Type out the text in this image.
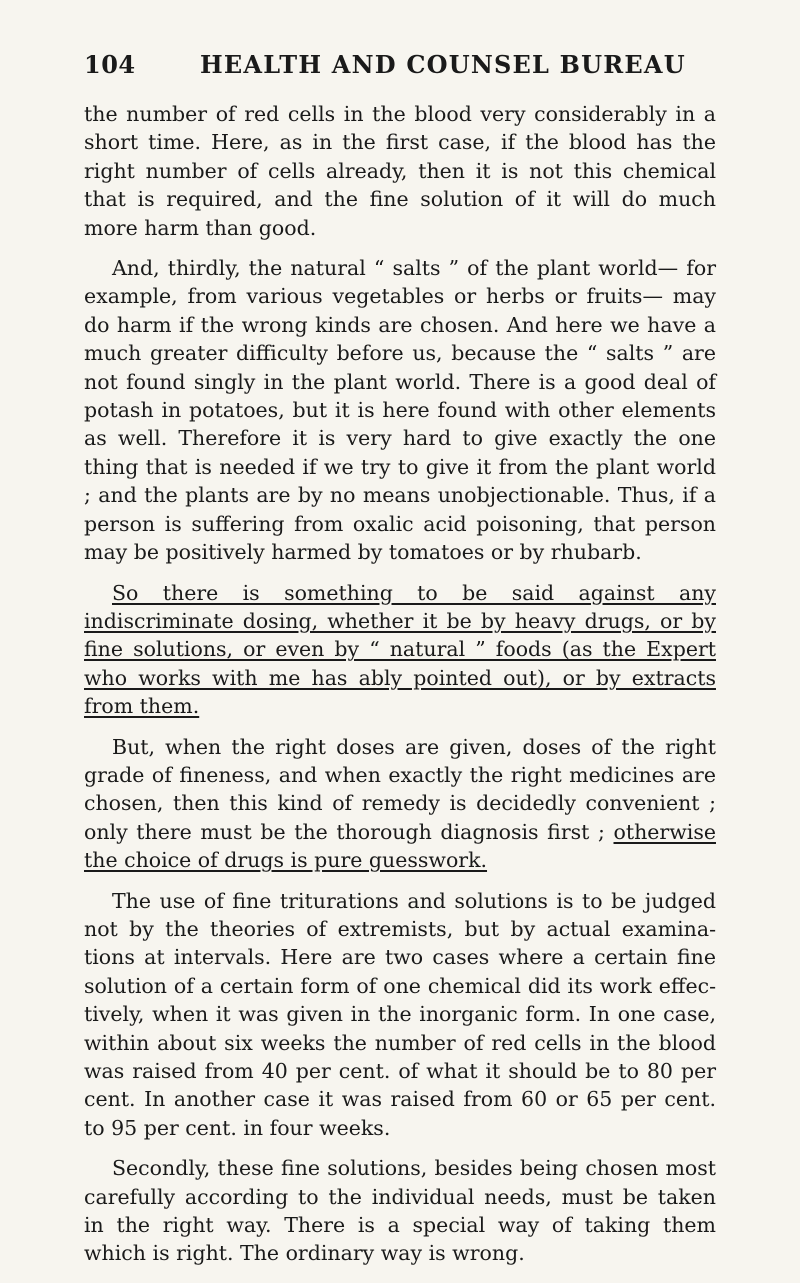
104	HEALTH AND COUNSEL BUREAU

the number of red cells in the blood very considerably in a short time. Here, as in the first case, if the blood has the right number of cells already, then it is not this chemical that is required, and the fine solution of it will do much more harm than good.

And, thirdly, the natural “ salts ” of the plant world— for example, from various vegetables or herbs or fruits— may do harm if the wrong kinds are chosen. And here we have a much greater difficulty before us, because the “ salts ” are not found singly in the plant world. There is a good deal of potash in potatoes, but it is here found with other elements as well. Therefore it is very hard to give exactly the one thing that is needed if we try to give it from the plant world ; and the plants are by no means unobjectionable. Thus, if a person is suffering from oxalic acid poisoning, that person may be positively harmed by tomatoes or by rhubarb.

So there is something to be said against any indiscriminate dosing, whether it be by heavy drugs, or by fine solutions, or even by “ natural ” foods (as the Expert who works with me has ably pointed out), or by extracts from them.

But, when the right doses are given, doses of the right grade of fineness, and when exactly the right medicines are chosen, then this kind of remedy is decidedly convenient ; only there must be the thorough diagnosis first ; otherwise the choice of drugs is pure guesswork.

The use of fine triturations and solutions is to be judged not by the theories of extremists, but by actual examina- tions at intervals. Here are two cases where a certain fine solution of a certain form of one chemical did its work effec- tively, when it was given in the inorganic form. In one case, within about six weeks the number of red cells in the blood was raised from 40 per cent. of what it should be to 80 per cent. In another case it was raised from 60 or 65 per cent. to 95 per cent. in four weeks.

Secondly, these fine solutions, besides being chosen most carefully according to the individual needs, must be taken in the right way. There is a special way of taking them which is right. The ordinary way is wrong.
